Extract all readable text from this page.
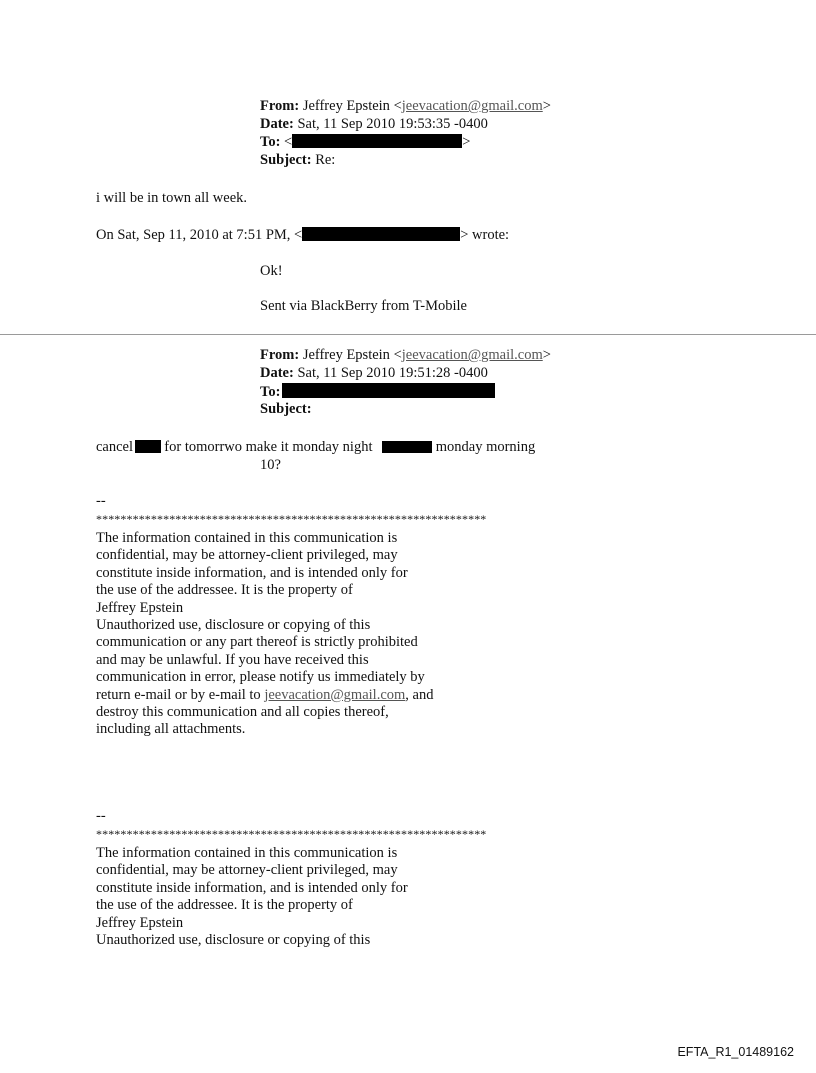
From: Jeffrey Epstein <jeevacation@gmail.com>
Date: Sat, 11 Sep 2010 19:53:35 -0400
To: <	>
Subject: Re:
i will be in town all week.
On Sat, Sep 11, 2010 at 7:51 PM, <	> wrote:
Ok!
Sent via BlackBerry from T-Mobile
From: Jeffrey Epstein <jeevacation@gmail.com>
Date: Sat, 11 Sep 2010 19:51:28 -0400
To:
Subject:
cancel for tomorrwo make it monday night	monday morning
10?
--
****************************************************************
The information contained in this communication is
confidential, may be attorney-client privileged, may
constitute inside information, and is intended only for
the use of the addressee. It is the property of
Jeffrey Epstein
Unauthorized use, disclosure or copying of this
communication or any part thereof is strictly prohibited
and may be unlawful. If you have received this
communication in error, please notify us immediately by
return e-mail or by e-mail to jeevacation@gmail.com, and
destroy this communication and all copies thereof,
including all attachments.
--
****************************************************************
The information contained in this communication is
confidential, may be attorney-client privileged, may
constitute inside information, and is intended only for
the use of the addressee. It is the property of
Jeffrey Epstein
Unauthorized use, disclosure or copying of this
EFTA_R1_01489162
